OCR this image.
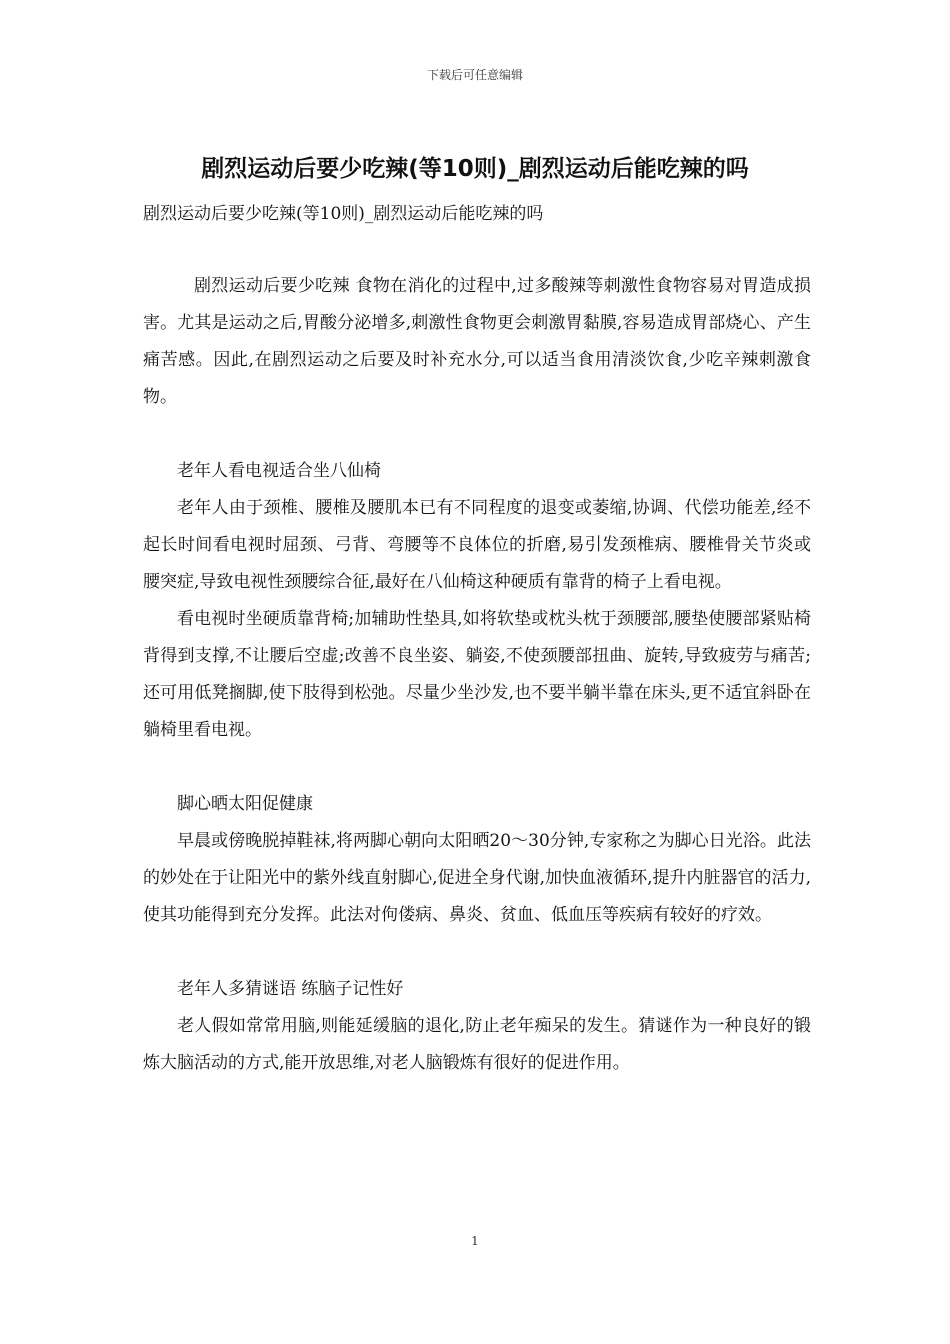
下载后可任意编辑
剧烈运动后要少吃辣(等10则)_剧烈运动后能吃辣的吗

剧烈运动后要少吃辣(等10则)_剧烈运动后能吃辣的吗

剧烈运动后要少吃辣 食物在消化的过程中,过多酸辣等刺激性食物容易对胃造成损害。尤其是运动之后,胃酸分泌增多,刺激性食物更会刺激胃黏膜,容易造成胃部烧心、产生痛苦感。因此,在剧烈运动之后要及时补充水分,可以适当食用清淡饮食,少吃辛辣刺激食物。

老年人看电视适合坐八仙椅

老年人由于颈椎、腰椎及腰肌本已有不同程度的退变或萎缩,协调、代偿功能差,经不起长时间看电视时屈颈、弓背、弯腰等不良体位的折磨,易引发颈椎病、腰椎骨关节炎或腰突症,导致电视性颈腰综合征,最好在八仙椅这种硬质有靠背的椅子上看电视。

看电视时坐硬质靠背椅;加辅助性垫具,如将软垫或枕头枕于颈腰部,腰垫使腰部紧贴椅背得到支撑,不让腰后空虚;改善不良坐姿、躺姿,不使颈腰部扭曲、旋转,导致疲劳与痛苦;还可用低凳搁脚,使下肢得到松弛。尽量少坐沙发,也不要半躺半靠在床头,更不适宜斜卧在躺椅里看电视。

脚心晒太阳促健康

早晨或傍晚脱掉鞋袜,将两脚心朝向太阳晒20～30分钟,专家称之为脚心日光浴。此法的妙处在于让阳光中的紫外线直射脚心,促进全身代谢,加快血液循环,提升内脏器官的活力,使其功能得到充分发挥。此法对佝偻病、鼻炎、贫血、低血压等疾病有较好的疗效。

老年人多猜谜语 练脑子记性好

老人假如常常用脑,则能延缓脑的退化,防止老年痴呆的发生。猜谜作为一种良好的锻炼大脑活动的方式,能开放思维,对老人脑锻炼有很好的促进作用。

1
